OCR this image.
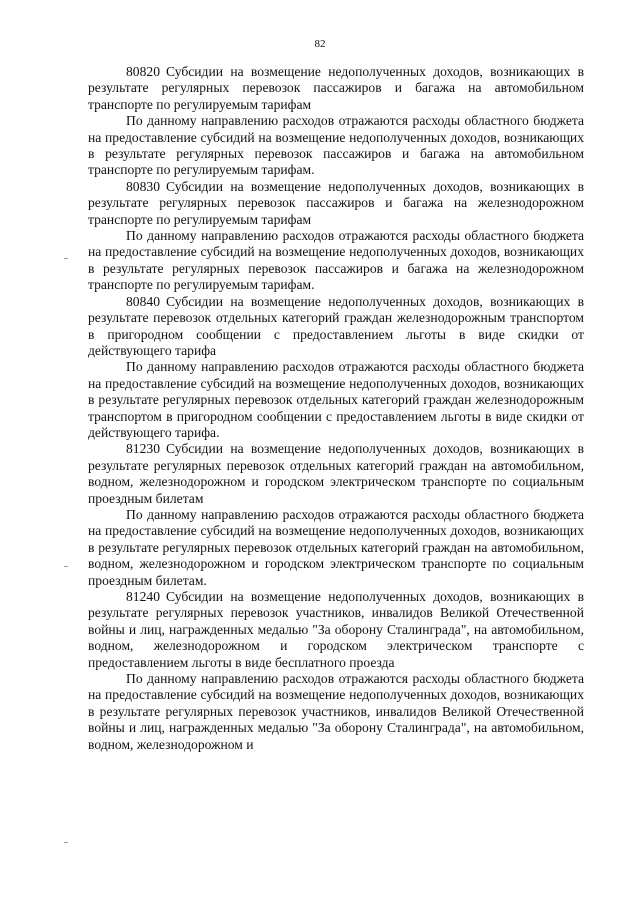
82

80820 Субсидии на возмещение недополученных доходов, возникающих в результате регулярных перевозок пассажиров и багажа на автомобильном транспорте по регулируемым тарифам

По данному направлению расходов отражаются расходы областного бюджета на предоставление субсидий на возмещение недополученных доходов, возникающих в результате регулярных перевозок пассажиров и багажа на автомобильном транспорте по регулируемым тарифам.

80830 Субсидии на возмещение недополученных доходов, возникающих в результате регулярных перевозок пассажиров и багажа на железнодорожном транспорте по регулируемым тарифам

По данному направлению расходов отражаются расходы областного бюджета на предоставление субсидий на возмещение недополученных доходов, возникающих в результате регулярных перевозок пассажиров и багажа на железнодорожном транспорте по регулируемым тарифам.

80840 Субсидии на возмещение недополученных доходов, возникающих в результате перевозок отдельных категорий граждан железнодорожным транспортом в пригородном сообщении с предоставлением льготы в виде скидки от действующего тарифа

По данному направлению расходов отражаются расходы областного бюджета на предоставление субсидий на возмещение недополученных доходов, возникающих в результате регулярных перевозок отдельных категорий граждан железнодорожным транспортом в пригородном сообщении с предоставлением льготы в виде скидки от действующего тарифа.

81230 Субсидии на возмещение недополученных доходов, возникающих в результате регулярных перевозок отдельных категорий граждан на автомобильном, водном, железнодорожном и городском электрическом транспорте по социальным проездным билетам

По данному направлению расходов отражаются расходы областного бюджета на предоставление субсидий на возмещение недополученных доходов, возникающих в результате регулярных перевозок отдельных категорий граждан на автомобильном, водном, железнодорожном и городском электрическом транспорте по социальным проездным билетам.

81240 Субсидии на возмещение недополученных доходов, возникающих в результате регулярных перевозок участников, инвалидов Великой Отечественной войны и лиц, награжденных медалью "За оборону Сталинграда", на автомобильном, водном, железнодорожном и городском электрическом транспорте с предоставлением льготы в виде бесплатного проезда

По данному направлению расходов отражаются расходы областного бюджета на предоставление субсидий на возмещение недополученных доходов, возникающих в результате регулярных перевозок участников, инвалидов Великой Отечественной войны и лиц, награжденных медалью "За оборону Сталинграда", на автомобильном, водном, железнодорожном и
